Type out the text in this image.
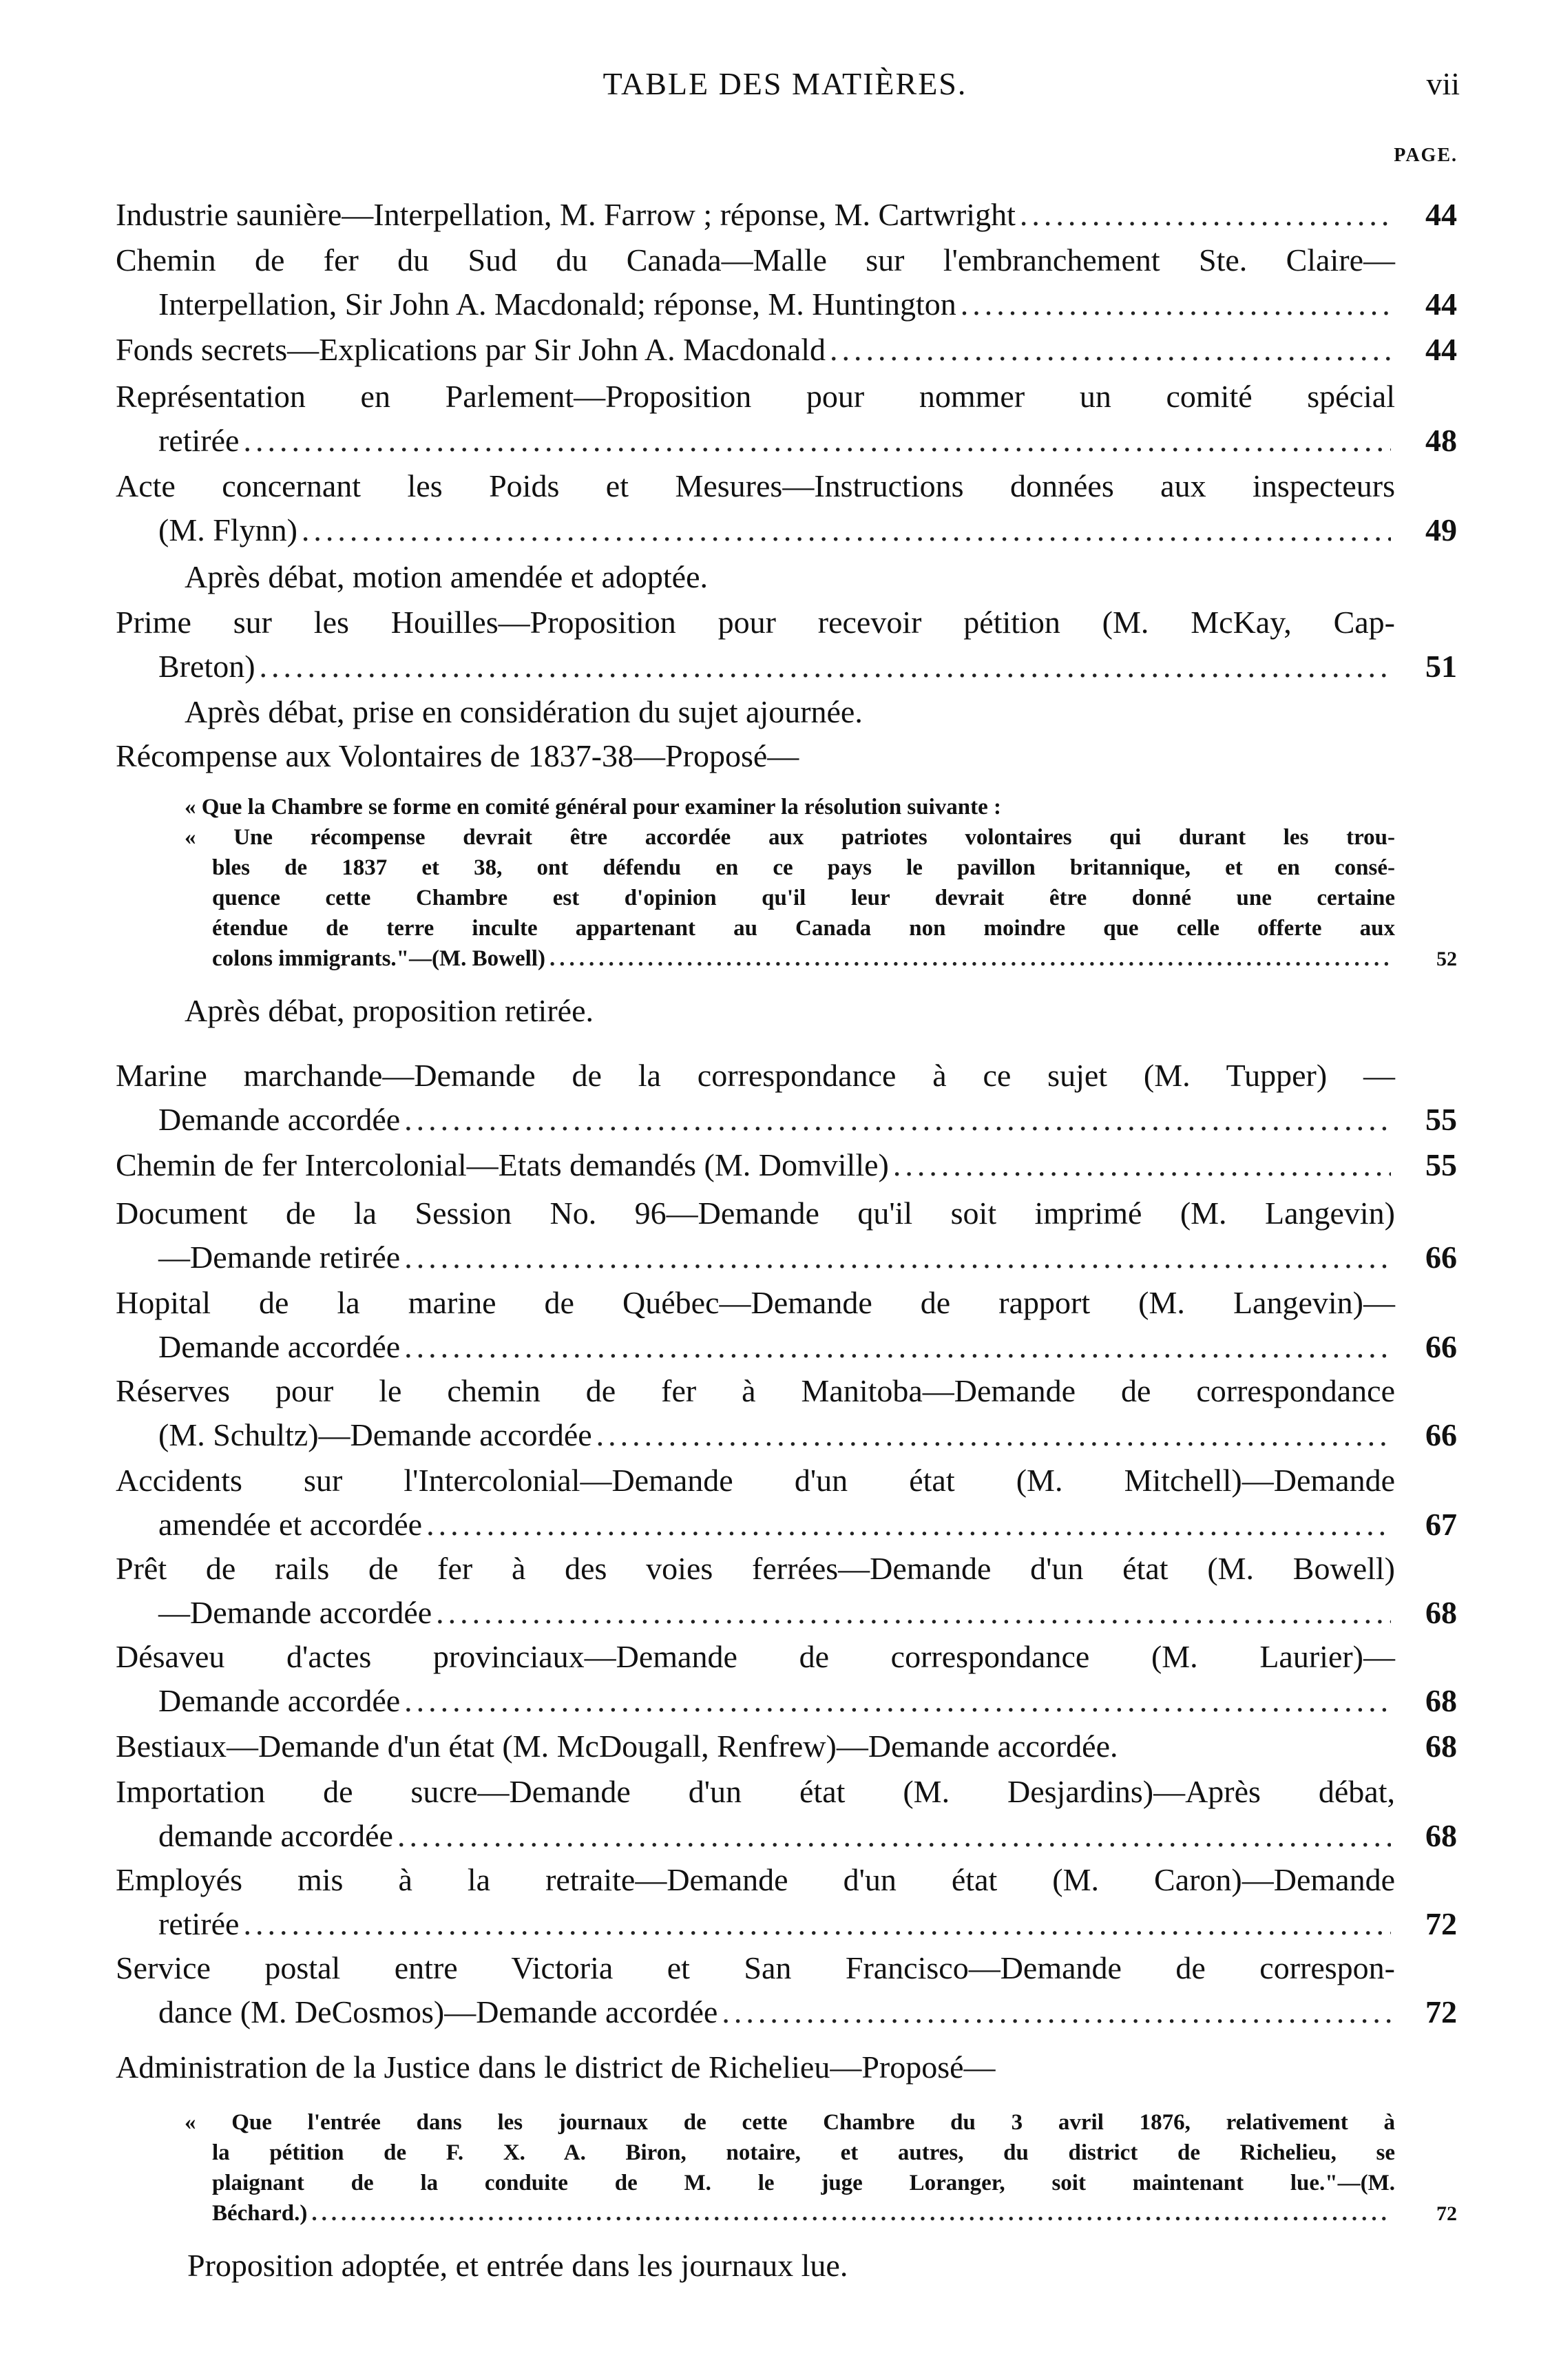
TABLE DES MATIÈRES.	vii
PAGE.
Industrie saunière—Interpellation, M. Farrow ; réponse, M. Cartwright .....	44
Chemin de fer du Sud du Canada—Malle sur l'embranchement Ste. Claire—
Interpellation, Sir John A. Macdonald; réponse, M. Huntington .....	44
Fonds secrets—Explications par Sir John A. Macdonald .....	44
Représentation en Parlement—Proposition pour nommer un comité spécial
retirée .....	48
Acte concernant les Poids et Mesures—Instructions données aux inspecteurs
(M. Flynn) .....	49
Après débat, motion amendée et adoptée.
Prime sur les Houilles—Proposition pour recevoir pétition (M. McKay, Cap-
Breton) .....	51
Après débat, prise en considération du sujet ajournée.
Récompense aux Volontaires de 1837-38—Proposé—
« Que la Chambre se forme en comité général pour examiner la résolution suivante :
« Une récompense devrait être accordée aux patriotes volontaires qui durant les trou-
bles de 1837 et 38, ont défendu en ce pays le pavillon britannique, et en consé-
quence cette Chambre est d'opinion qu'il leur devrait être donné une certaine
étendue de terre inculte appartenant au Canada non moindre que celle offerte aux
colons immigrants."—(M. Bowell) .....	52
Après débat, proposition retirée.
Marine marchande—Demande de la correspondance à ce sujet (M. Tupper) —
Demande accordée .....	55
Chemin de fer Intercolonial—Etats demandés (M. Domville) .....	55
Document de la Session No. 96—Demande qu'il soit imprimé (M. Langevin)
—Demande retirée .....	66
Hopital de la marine de Québec—Demande de rapport (M. Langevin)—
Demande accordée .....	66
Réserves pour le chemin de fer à Manitoba—Demande de correspondance
(M. Schultz)—Demande accordée .....	66
Accidents sur l'Intercolonial—Demande d'un état (M. Mitchell)—Demande
amendée et accordée .....	67
Prêt de rails de fer à des voies ferrées—Demande d'un état (M. Bowell)
—Demande accordée .....	68
Désaveu d'actes provinciaux—Demande de correspondance (M. Laurier)—
Demande accordée .....	68
Bestiaux—Demande d'un état (M. McDougall, Renfrew)—Demande accordée.	68
Importation de sucre—Demande d'un état (M. Desjardins)—Après débat,
demande accordée .....	68
Employés mis à la retraite—Demande d'un état (M. Caron)—Demande
retirée .....	72
Service postal entre Victoria et San Francisco—Demande de correspon-
dance (M. DeCosmos)—Demande accordée .....	72
Administration de la Justice dans le district de Richelieu—Proposé—
« Que l'entrée dans les journaux de cette Chambre du 3 avril 1876, relativement à
la pétition de F. X. A. Biron, notaire, et autres, du district de Richelieu, se
plaignant de la conduite de M. le juge Loranger, soit maintenant lue."—(M.
Béchard.) .....	72
Proposition adoptée, et entrée dans les journaux lue.
